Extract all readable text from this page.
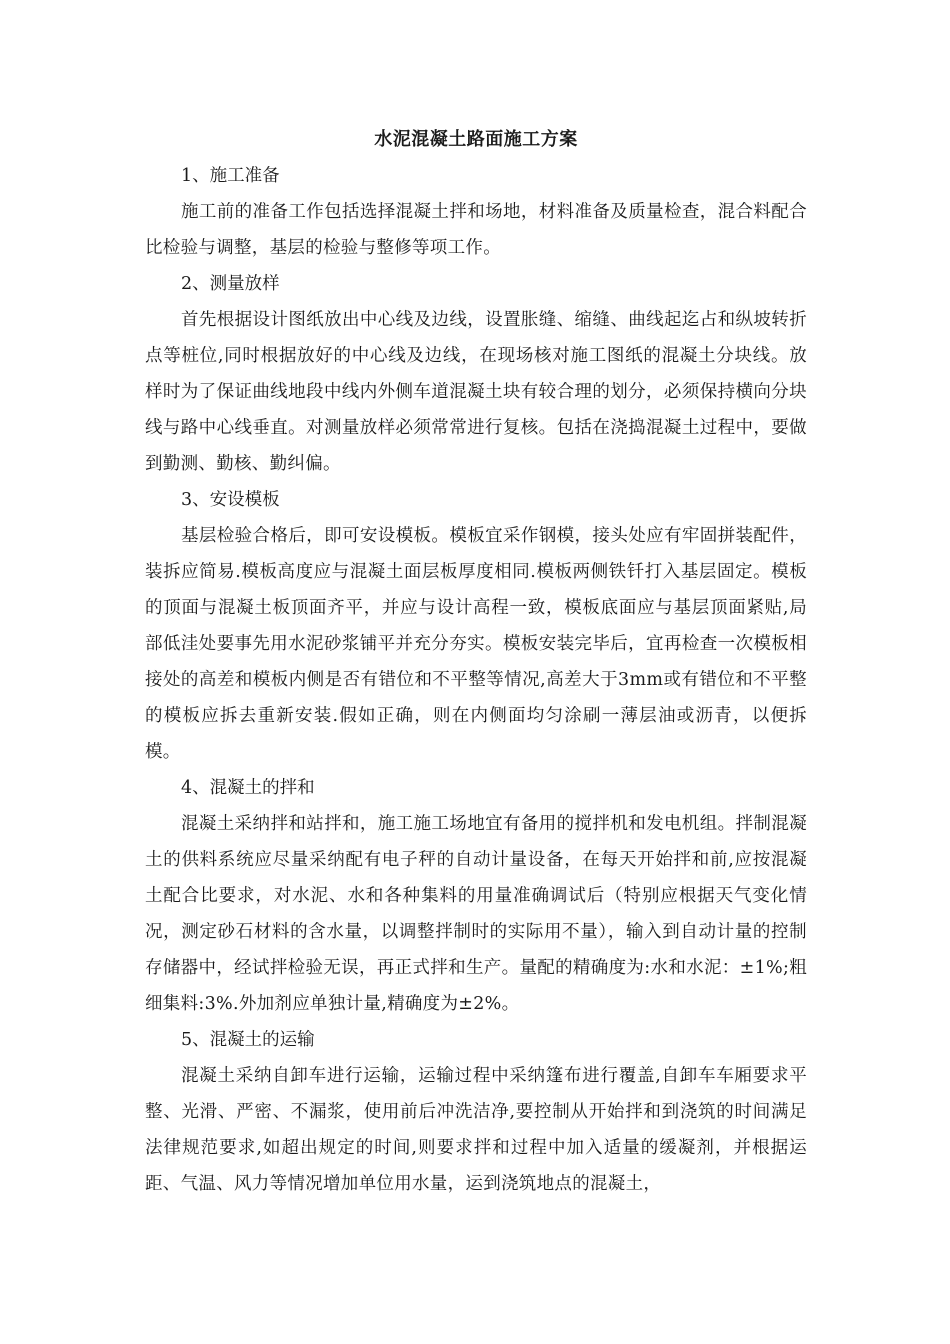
水泥混凝土路面施工方案
1、施工准备
施工前的准备工作包括选择混凝土拌和场地，材料准备及质量检查，混合料配合比检验与调整，基层的检验与整修等项工作。
2、测量放样
首先根据设计图纸放出中心线及边线，设置胀缝、缩缝、曲线起迄占和纵坡转折点等桩位,同时根据放好的中心线及边线，在现场核对施工图纸的混凝土分块线。放样时为了保证曲线地段中线内外侧车道混凝土块有较合理的划分，必须保持横向分块线与路中心线垂直。对测量放样必须常常进行复核。包括在浇捣混凝土过程中，要做到勤测、勤核、勤纠偏。
3、安设模板
基层检验合格后，即可安设模板。模板宜采作钢模，接头处应有牢固拼装配件，装拆应简易.模板高度应与混凝土面层板厚度相同.模板两侧铁钎打入基层固定。模板的顶面与混凝土板顶面齐平，并应与设计高程一致，模板底面应与基层顶面紧贴,局部低洼处要事先用水泥砂浆铺平并充分夯实。模板安装完毕后，宜再检查一次模板相接处的高差和模板内侧是否有错位和不平整等情况,高差大于3mm或有错位和不平整的模板应拆去重新安装.假如正确，则在内侧面均匀涂刷一薄层油或沥青，以便拆模。
4、混凝土的拌和
混凝土采纳拌和站拌和，施工施工场地宜有备用的搅拌机和发电机组。拌制混凝土的供料系统应尽量采纳配有电子秤的自动计量设备，在每天开始拌和前,应按混凝土配合比要求，对水泥、水和各种集料的用量准确调试后（特别应根据天气变化情况，测定砂石材料的含水量，以调整拌制时的实际用不量），输入到自动计量的控制存储器中，经试拌检验无误，再正式拌和生产。量配的精确度为:水和水泥：±1%;粗细集料:3%.外加剂应单独计量,精确度为±2%。
5、混凝土的运输
混凝土采纳自卸车进行运输，运输过程中采纳篷布进行覆盖,自卸车车厢要求平整、光滑、严密、不漏浆，使用前后冲洗洁净,要控制从开始拌和到浇筑的时间满足法律规范要求,如超出规定的时间,则要求拌和过程中加入适量的缓凝剂，并根据运距、气温、风力等情况增加单位用水量，运到浇筑地点的混凝土，
